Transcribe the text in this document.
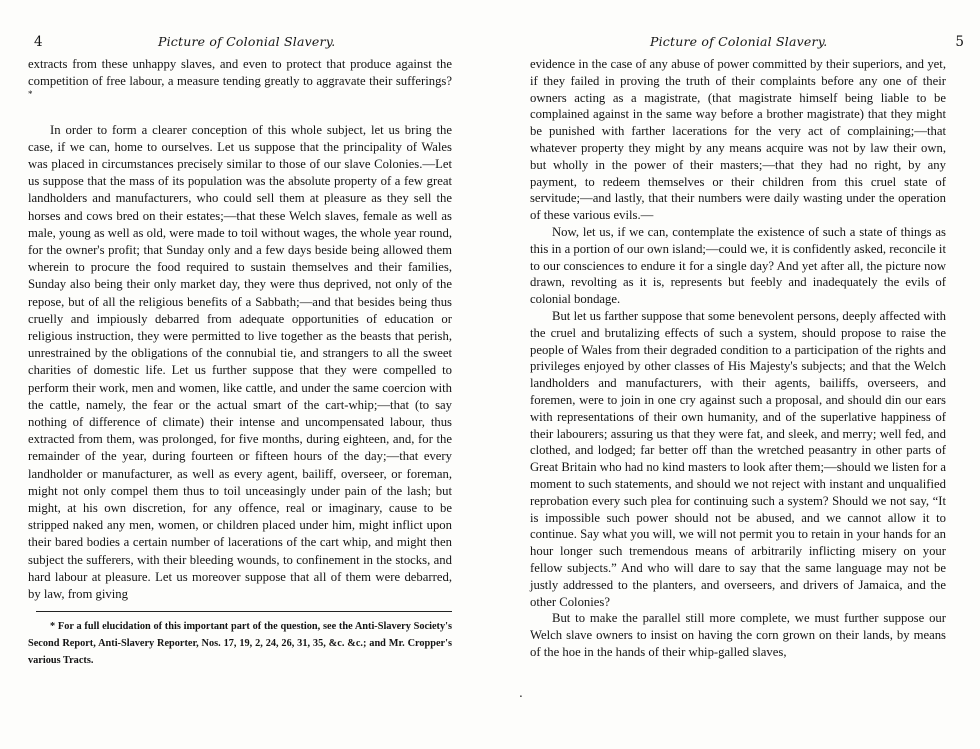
4	Picture of Colonial Slavery.

extracts from these unhappy slaves, and even to protect that produce against the competition of free labour, a measure tending greatly to aggravate their sufferings? *

In order to form a clearer conception of this whole subject, let us bring the case, if we can, home to ourselves. Let us suppose that the principality of Wales was placed in circumstances precisely similar to those of our slave Colonies.—Let us suppose that the mass of its population was the absolute property of a few great landholders and manufacturers, who could sell them at pleasure as they sell the horses and cows bred on their estates;—that these Welch slaves, female as well as male, young as well as old, were made to toil without wages, the whole year round, for the owner's profit; that Sunday only and a few days beside being allowed them wherein to procure the food required to sustain themselves and their families, Sunday also being their only market day, they were thus deprived, not only of the repose, but of all the religious benefits of a Sabbath;—and that besides being thus cruelly and impiously debarred from adequate opportunities of education or religious instruction, they were permitted to live together as the beasts that perish, unrestrained by the obligations of the connubial tie, and strangers to all the sweet charities of domestic life. Let us further suppose that they were compelled to perform their work, men and women, like cattle, and under the same coercion with the cattle, namely, the fear or the actual smart of the cart-whip;—that (to say nothing of difference of climate) their intense and uncompensated labour, thus extracted from them, was prolonged, for five months, during eighteen, and, for the remainder of the year, during fourteen or fifteen hours of the day;—that every landholder or manufacturer, as well as every agent, bailiff, overseer, or foreman, might not only compel them thus to toil unceasingly under pain of the lash; but might, at his own discretion, for any offence, real or imaginary, cause to be stripped naked any men, women, or children placed under him, might inflict upon their bared bodies a certain number of lacerations of the cart whip, and might then subject the sufferers, with their bleeding wounds, to confinement in the stocks, and hard labour at pleasure. Let us moreover suppose that all of them were debarred, by law, from giving

* For a full elucidation of this important part of the question, see the Anti-Slavery Society's Second Report, Anti-Slavery Reporter, Nos. 17, 19, 2, 24, 26, 31, 35, &c. &c.; and Mr. Cropper's various Tracts.

.
Picture of Colonial Slavery.	5

evidence in the case of any abuse of power committed by their superiors, and yet, if they failed in proving the truth of their complaints before any one of their owners acting as a magistrate, (that magistrate himself being liable to be complained against in the same way before a brother magistrate) that they might be punished with farther lacerations for the very act of complaining;—that whatever property they might by any means acquire was not by law their own, but wholly in the power of their masters;—that they had no right, by any payment, to redeem themselves or their children from this cruel state of servitude;—and lastly, that their numbers were daily wasting under the operation of these various evils.—

Now, let us, if we can, contemplate the existence of such a state of things as this in a portion of our own island;—could we, it is confidently asked, reconcile it to our consciences to endure it for a single day? And yet after all, the picture now drawn, revolting as it is, represents but feebly and inadequately the evils of colonial bondage.

But let us farther suppose that some benevolent persons, deeply affected with the cruel and brutalizing effects of such a system, should propose to raise the people of Wales from their degraded condition to a participation of the rights and privileges enjoyed by other classes of His Majesty's subjects; and that the Welch landholders and manufacturers, with their agents, bailiffs, overseers, and foremen, were to join in one cry against such a proposal, and should din our ears with representations of their own humanity, and of the superlative happiness of their labourers; assuring us that they were fat, and sleek, and merry; well fed, and clothed, and lodged; far better off than the wretched peasantry in other parts of Great Britain who had no kind masters to look after them;—should we listen for a moment to such statements, and should we not reject with instant and unqualified reprobation every such plea for continuing such a system? Should we not say, “It is impossible such power should not be abused, and we cannot allow it to continue. Say what you will, we will not permit you to retain in your hands for an hour longer such tremendous means of arbitrarily inflicting misery on your fellow subjects.” And who will dare to say that the same language may not be justly addressed to the planters, and overseers, and drivers of Jamaica, and the other Colonies?

But to make the parallel still more complete, we must further suppose our Welch slave owners to insist on having the corn grown on their lands, by means of the hoe in the hands of their whip-galled slaves,
